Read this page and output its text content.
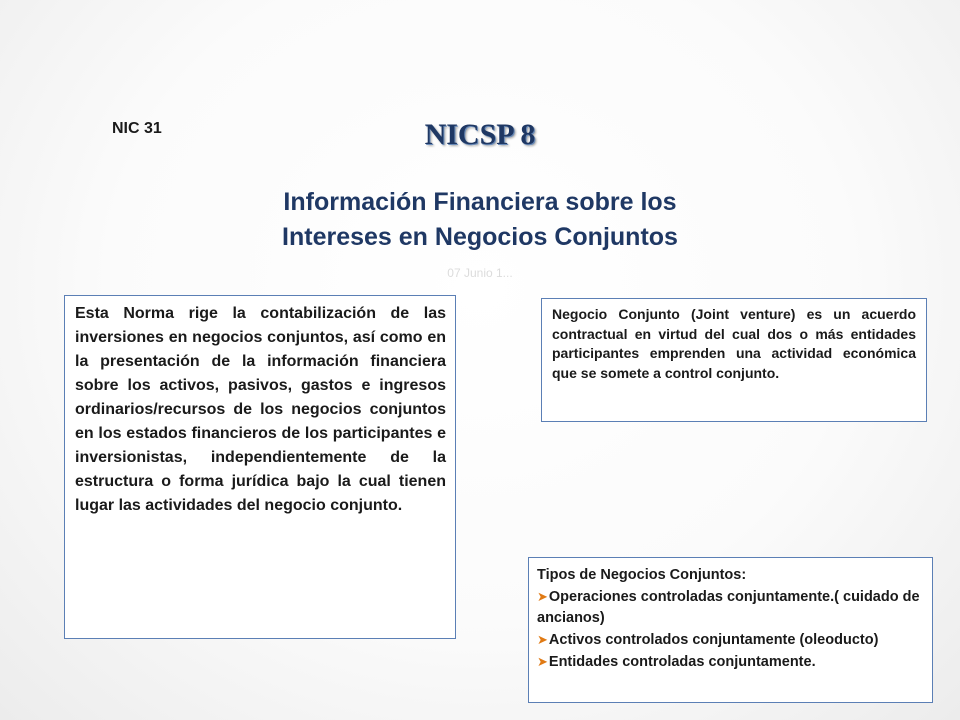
NIC 31	NICSP 8
Información Financiera sobre los
Intereses en Negocios Conjuntos
07 Junio 1...
Esta Norma rige la contabilización de las inversiones en negocios conjuntos, así como en la presentación de la información financiera sobre los activos, pasivos, gastos e ingresos ordinarios/recursos de los negocios conjuntos en los estados financieros de los participantes e inversionistas, independientemente de la estructura o forma jurídica bajo la cual tienen lugar las actividades del negocio conjunto.
Negocio Conjunto (Joint venture) es un acuerdo contractual en virtud del cual dos o más entidades participantes emprenden una actividad económica que se somete a control conjunto.
Tipos de Negocios Conjuntos:
➤Operaciones controladas conjuntamente.( cuidado de ancianos)
➤Activos controlados conjuntamente (oleoducto)
➤Entidades controladas conjuntamente.
